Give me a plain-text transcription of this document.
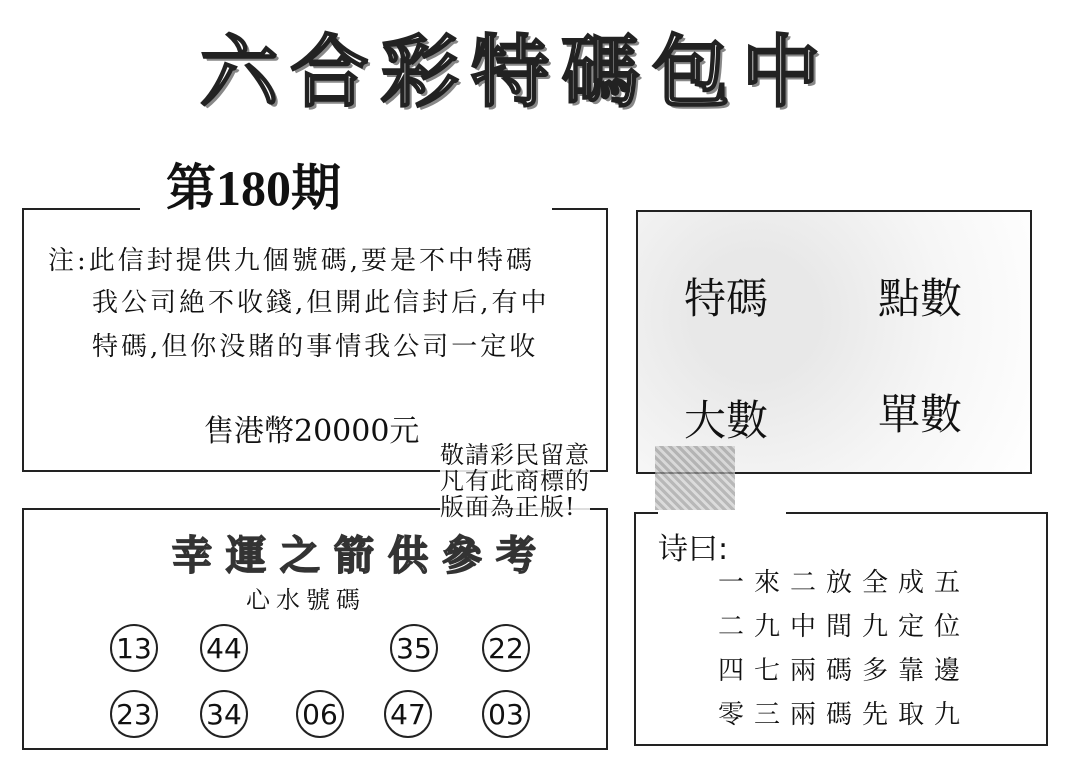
六 合 彩 特 碼 包 中
注:此信封提供九個號碼,要是不中特碼
我公司絶不收錢,但開此信封后,有中
特碼,但你没賭的事情我公司一定收
售港幣20000元
第180期
特碼	點數
大數	單數
幸運之箭供參考
心水號碼
13 44	35 22
23 34 06 47 03
敬請彩民留意
凡有此商標的
版面為正版!
诗曰:
一來二放全成五
二九中間九定位
四七兩碼多靠邊
零三兩碼先取九
